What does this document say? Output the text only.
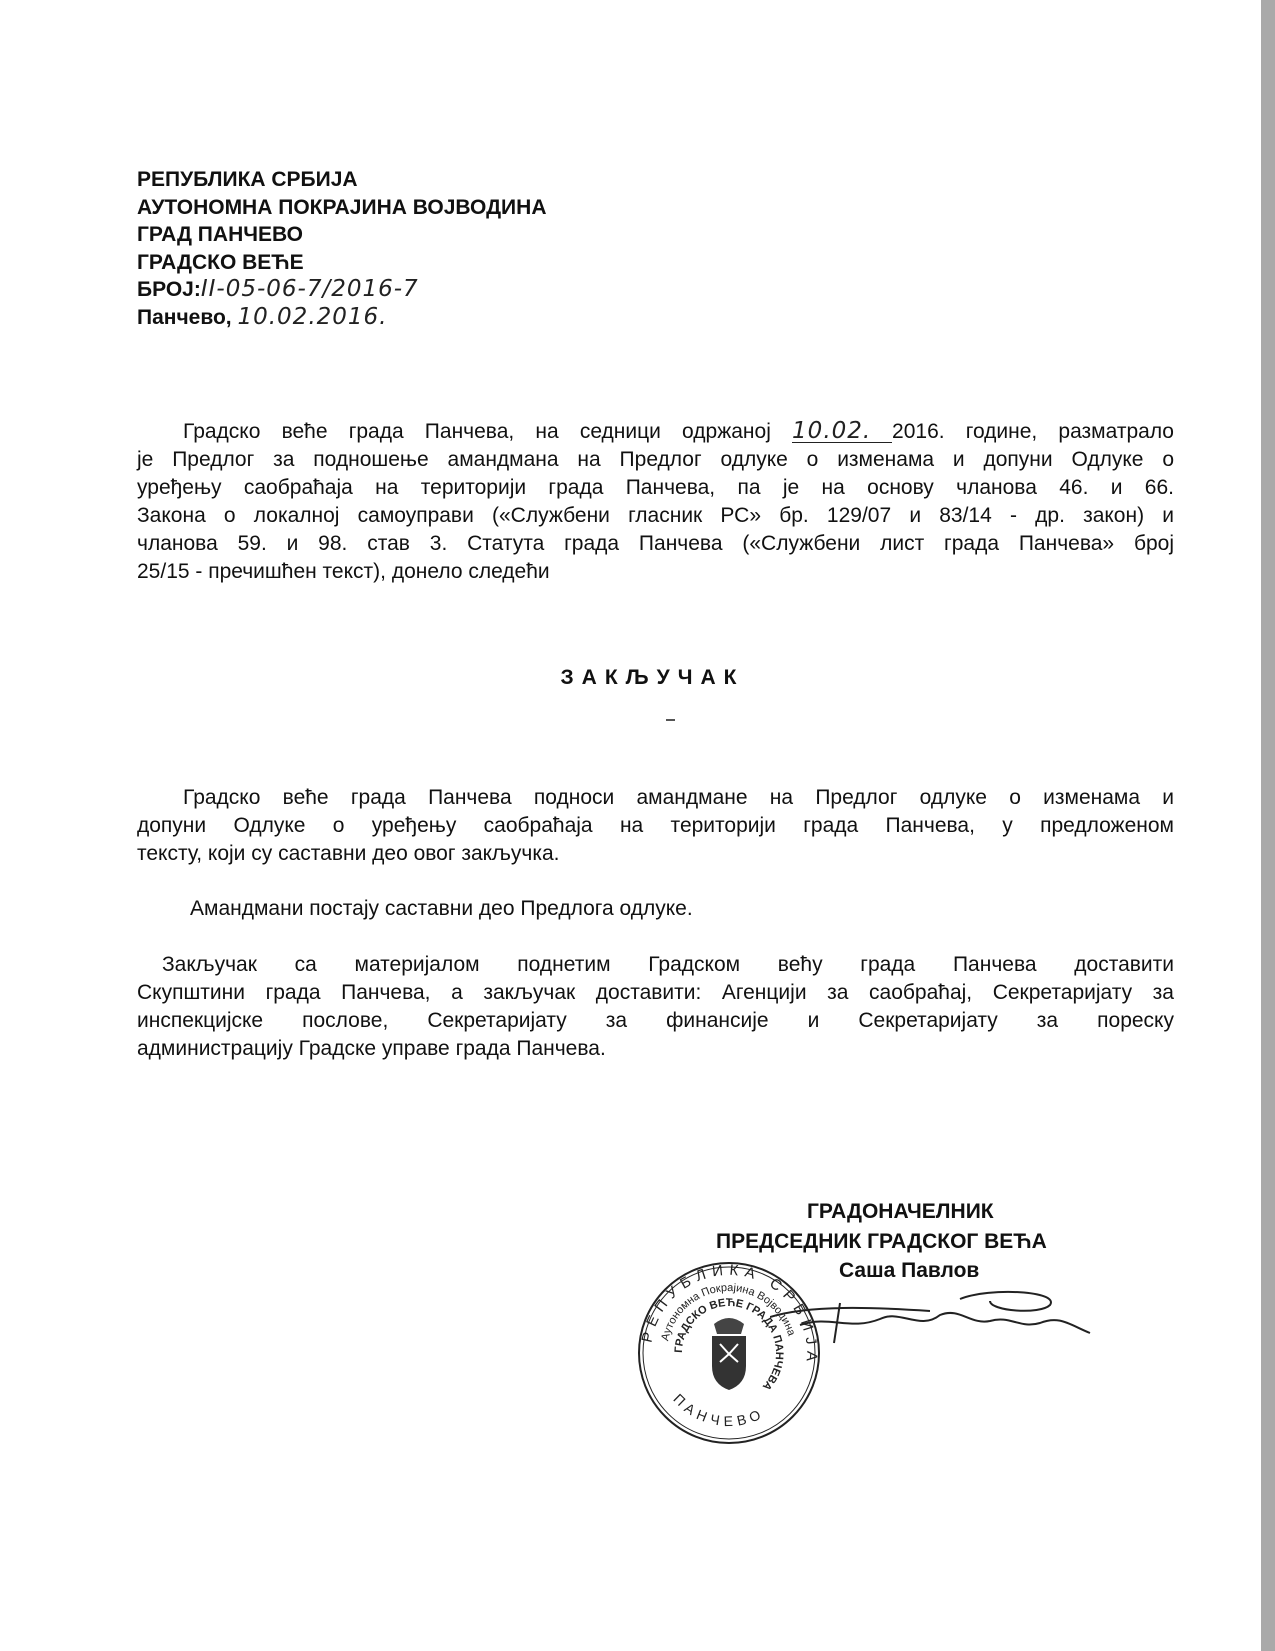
РЕПУБЛИКА СРБИЈА
АУТОНОМНА ПОКРАЈИНА ВОЈВОДИНА
ГРАД ПАНЧЕВО
ГРАДСКО ВЕЋЕ
БРОЈ:II-05-06-7/2016-7
Панчево, 10.02.2016.
Градско веће града Панчева, на седници одржаној 10.02. 2016. године, разматрало
је Предлог за подношење амандмана на Предлог одлуке о изменама и допуни Одлуке о
уређењу саобраћаја на територији града Панчева, па је на основу чланова 46. и 66.
Закона о локалној самоуправи («Службени гласник РС» бр. 129/07 и 83/14 - др. закон) и
чланова 59. и 98. став 3. Статута града Панчева («Службени лист града Панчева» број
25/15 - пречишћен текст), донело следећи
ЗАКЉУЧАК
Градско веће града Панчева подноси амандмане на Предлог одлуке о изменама и
допуни Одлуке о уређењу саобраћаја на територији града Панчева, у предложеном
тексту, који су саставни део овог закључка.
Амандмани постају саставни део Предлога одлуке.
Закључак са материјалом поднетим Градском већу града Панчева доставити
Скупштини града Панчева, а закључак доставити: Агенцији за саобраћај, Секретаријату за
инспекцијске послове, Секретаријату за финансије и Секретаријату за пореску
администрацију Градске управе града Панчева.
ГРАДОНАЧЕЛНИК
ПРЕДСЕДНИК ГРАДСКОГ ВЕЋА
Саша Павлов
РЕПУБЛИКА СРБИЈА
Аутономна Покрајина Војводина
ГРАДСКО ВЕЋЕ ГРАДА ПАНЧЕВА
ПАНЧЕВО
